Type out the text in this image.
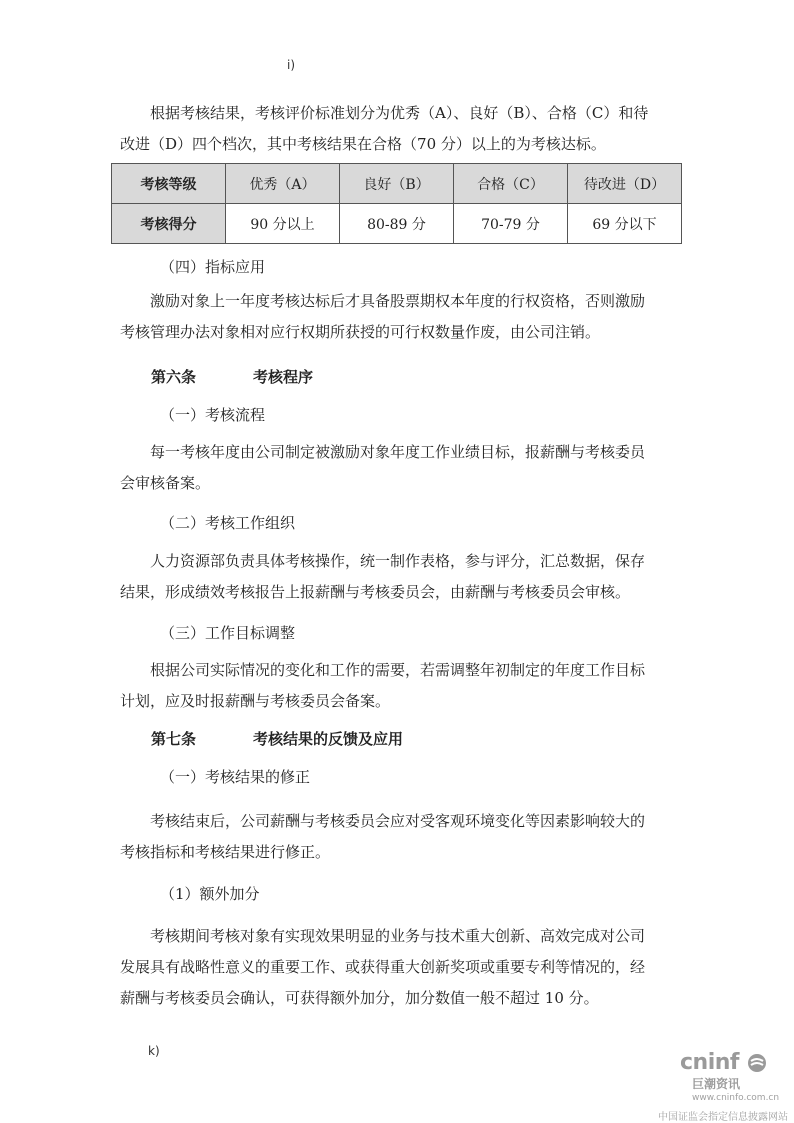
i)

根据考核结果，考核评价标准划分为优秀（A）、良好（B）、合格（C）和待
改进（D）四个档次，其中考核结果在合格（70 分）以上的为考核达标。

考核等级	优秀（A）	良好（B）	合格（C）	待改进（D）
考核得分	90 分以上	80-89 分	70-79 分	69 分以下
（四）指标应用

激励对象上一年度考核达标后才具备股票期权本年度的行权资格，否则激励
考核管理办法对象相对应行权期所获授的可行权数量作废，由公司注销。

第六条	考核程序
（一）考核流程

每一考核年度由公司制定被激励对象年度工作业绩目标，报薪酬与考核委员
会审核备案。

（二）考核工作组织

人力资源部负责具体考核操作，统一制作表格，参与评分，汇总数据，保存
结果，形成绩效考核报告上报薪酬与考核委员会，由薪酬与考核委员会审核。

（三）工作目标调整

根据公司实际情况的变化和工作的需要，若需调整年初制定的年度工作目标
计划，应及时报薪酬与考核委员会备案。

第七条	考核结果的反馈及应用
（一）考核结果的修正

考核结束后，公司薪酬与考核委员会应对受客观环境变化等因素影响较大的
考核指标和考核结果进行修正。

（1）额外加分

考核期间考核对象有实现效果明显的业务与技术重大创新、高效完成对公司
发展具有战略性意义的重要工作、或获得重大创新奖项或重要专利等情况的，经
薪酬与考核委员会确认，可获得额外加分，加分数值一般不超过 10 分。

k)	cninf
巨潮资讯
www.cninfo.com.cn
中国证监会指定信息披露网站
